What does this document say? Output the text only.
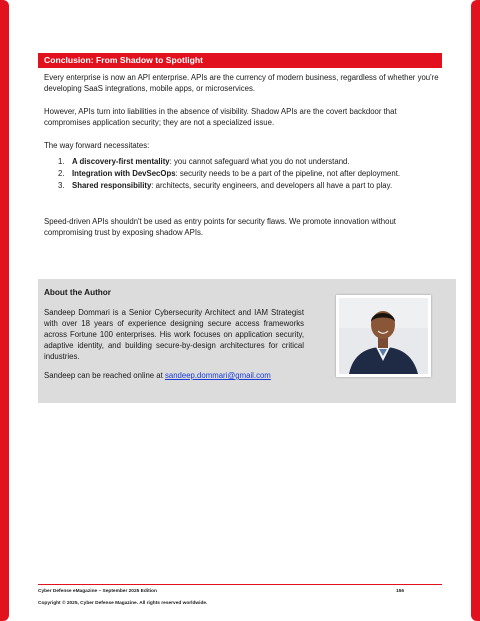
Conclusion: From Shadow to Spotlight

Every enterprise is now an API enterprise. APIs are the currency of modern business, regardless of whether you're developing SaaS integrations, mobile apps, or microservices.

However, APIs turn into liabilities in the absence of visibility. Shadow APIs are the covert backdoor that compromises application security; they are not a specialized issue.

The way forward necessitates:

1. A discovery-first mentality: you cannot safeguard what you do not understand.
2. Integration with DevSecOps: security needs to be a part of the pipeline, not after deployment.
3. Shared responsibility: architects, security engineers, and developers all have a part to play.

Speed-driven APIs shouldn't be used as entry points for security flaws. We promote innovation without compromising trust by exposing shadow APIs.

About the Author

Sandeep Dommari is a Senior Cybersecurity Architect and IAM Strategist with over 18 years of experience designing secure access frameworks across Fortune 100 enterprises. His work focuses on application security, adaptive identity, and building secure-by-design architectures for critical industries.

Sandeep can be reached online at sandeep.dommari@gmail.com

Cyber Defense eMagazine – September 2025 Edition	156
Copyright © 2025, Cyber Defense Magazine. All rights reserved worldwide.
